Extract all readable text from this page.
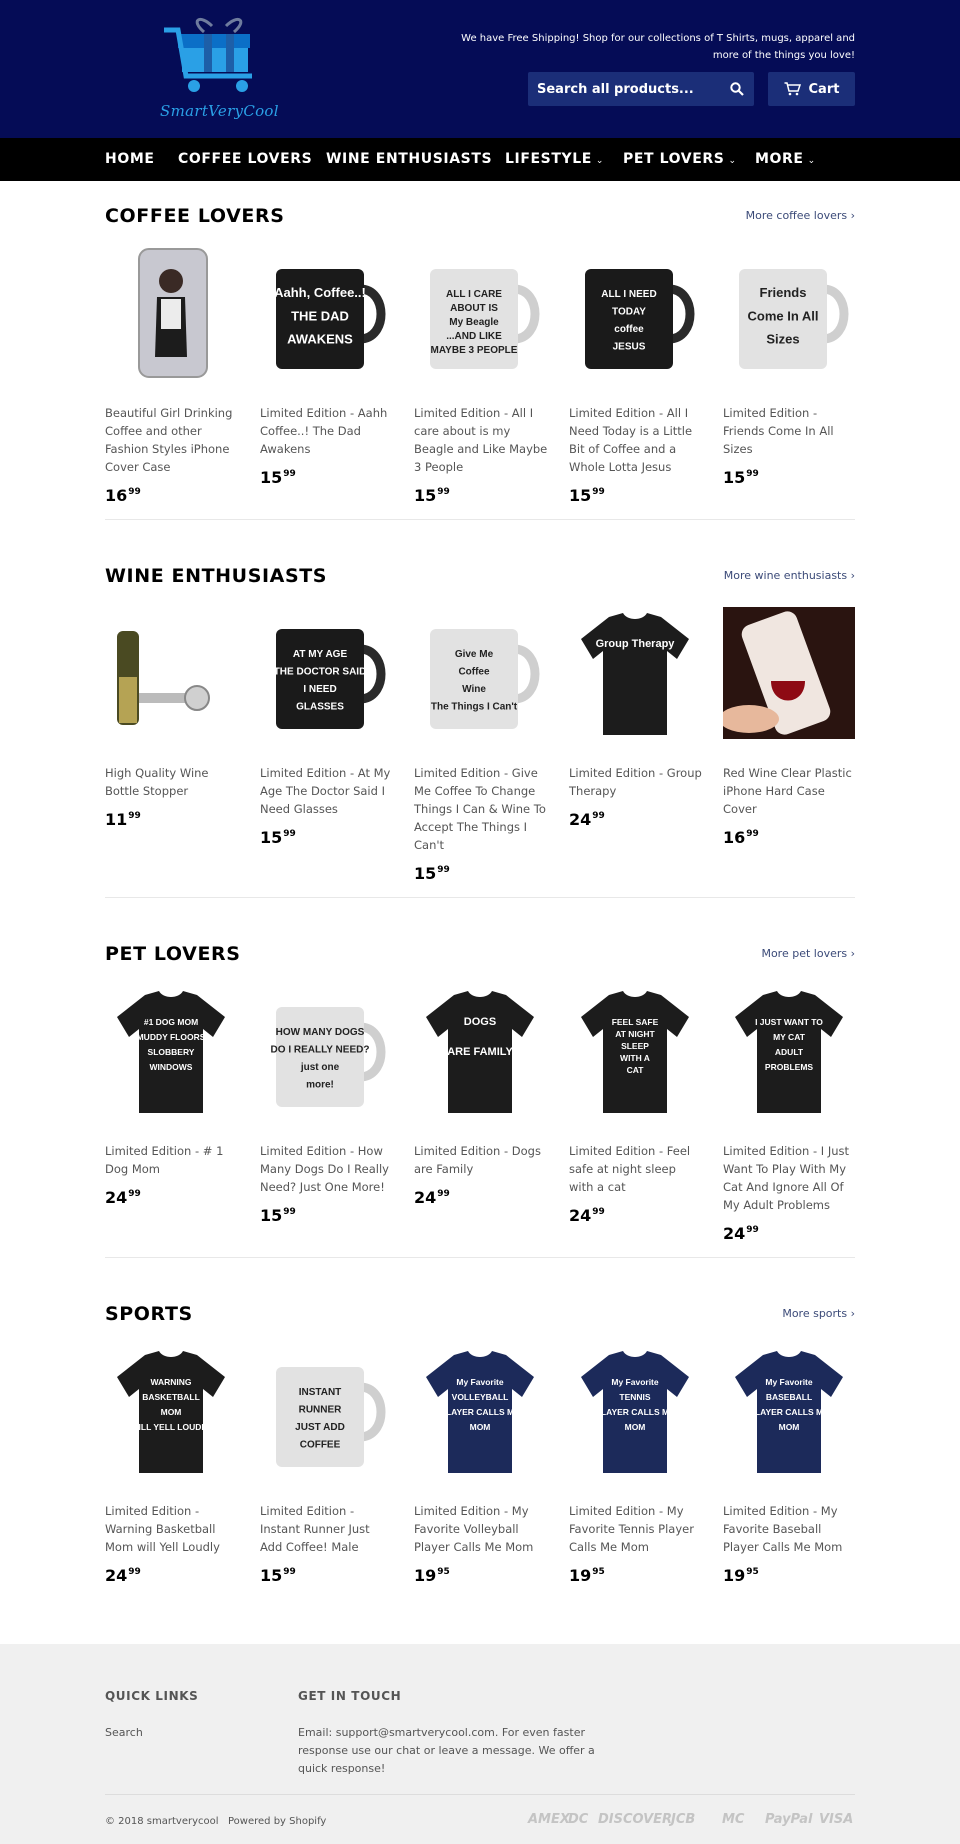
SmartVeryCool
We have Free Shipping! Shop for our collections of T Shirts, mugs, apparel and
more of the things you love!
Search all products...
Cart
HOME COFFEE LOVERS WINE ENTHUSIASTS LIFESTYLE ⌄ PET LOVERS ⌄ MORE ⌄
COFFEE LOVERS	More coffee lovers ›
Beautiful Girl Drinking Coffee and other Fashion Styles iPhone Cover Case
$16^{99}$
Aahh, Coffee..!
THE DAD
AWAKENS
Limited Edition - Aahh Coffee..! The Dad Awakens
$15^{99}$
ALL I CARE
ABOUT IS
My Beagle
...AND LIKE
MAYBE 3 PEOPLE
Limited Edition - All I care about is my Beagle and Like Maybe 3 People
$15^{99}$
ALL I NEED
TODAY
coffee
JESUS
Limited Edition - All I Need Today is a Little Bit of Coffee and a Whole Lotta Jesus
$15^{99}$
Friends
Come In All
Sizes
Limited Edition - Friends Come In All Sizes
$15^{99}$
WINE ENTHUSIASTS	More wine enthusiasts ›
High Quality Wine Bottle Stopper
$11^{99}$
AT MY AGE
THE DOCTOR SAID
I NEED
GLASSES
Limited Edition - At My Age The Doctor Said I Need Glasses
$15^{99}$
Give Me
Coffee
Wine
The Things I Can't
Limited Edition - Give Me Coffee To Change Things I Can & Wine To Accept The Things I Can't
$15^{99}$
Group Therapy
Limited Edition - Group Therapy
$24^{99}$
Red Wine Clear Plastic iPhone Hard Case Cover
$16^{99}$
PET LOVERS	More pet lovers ›
#1 DOG MOM
MUDDY FLOORS
SLOBBERY
WINDOWS
Limited Edition - # 1 Dog Mom
$24^{99}$
HOW MANY DOGS
DO I REALLY NEED?
just one
more!
Limited Edition - How Many Dogs Do I Really Need? Just One More!
$15^{99}$
DOGS
ARE FAMILY
Limited Edition - Dogs are Family
$24^{99}$
FEEL SAFE
AT NIGHT
SLEEP
WITH A
CAT
Limited Edition - Feel safe at night sleep with a cat
$24^{99}$
I JUST WANT TO
MY CAT
ADULT
PROBLEMS
Limited Edition - I Just Want To Play With My Cat And Ignore All Of My Adult Problems
$24^{99}$
SPORTS	More sports ›
WARNING
BASKETBALL
MOM
WILL YELL LOUDLY
Limited Edition - Warning Basketball Mom will Yell Loudly
$24^{99}$
INSTANT
RUNNER
JUST ADD
COFFEE
Limited Edition - Instant Runner Just Add Coffee! Male
$15^{99}$
My Favorite
VOLLEYBALL
PLAYER CALLS ME
MOM
Limited Edition - My Favorite Volleyball Player Calls Me Mom
$19^{95}$
My Favorite
TENNIS
PLAYER CALLS ME
MOM
Limited Edition - My Favorite Tennis Player Calls Me Mom
$19^{95}$
My Favorite
BASEBALL
PLAYER CALLS ME
MOM
Limited Edition - My Favorite Baseball Player Calls Me Mom
$19^{95}$
QUICK LINKS
Search
GET IN TOUCH
Email: support@smartverycool.com. For even faster response use our chat or leave a message. We offer a quick response!
© 2018 smartverycool Powered by Shopify	AMEX
DC DISCOVER
JCB MC PayPal VISA
